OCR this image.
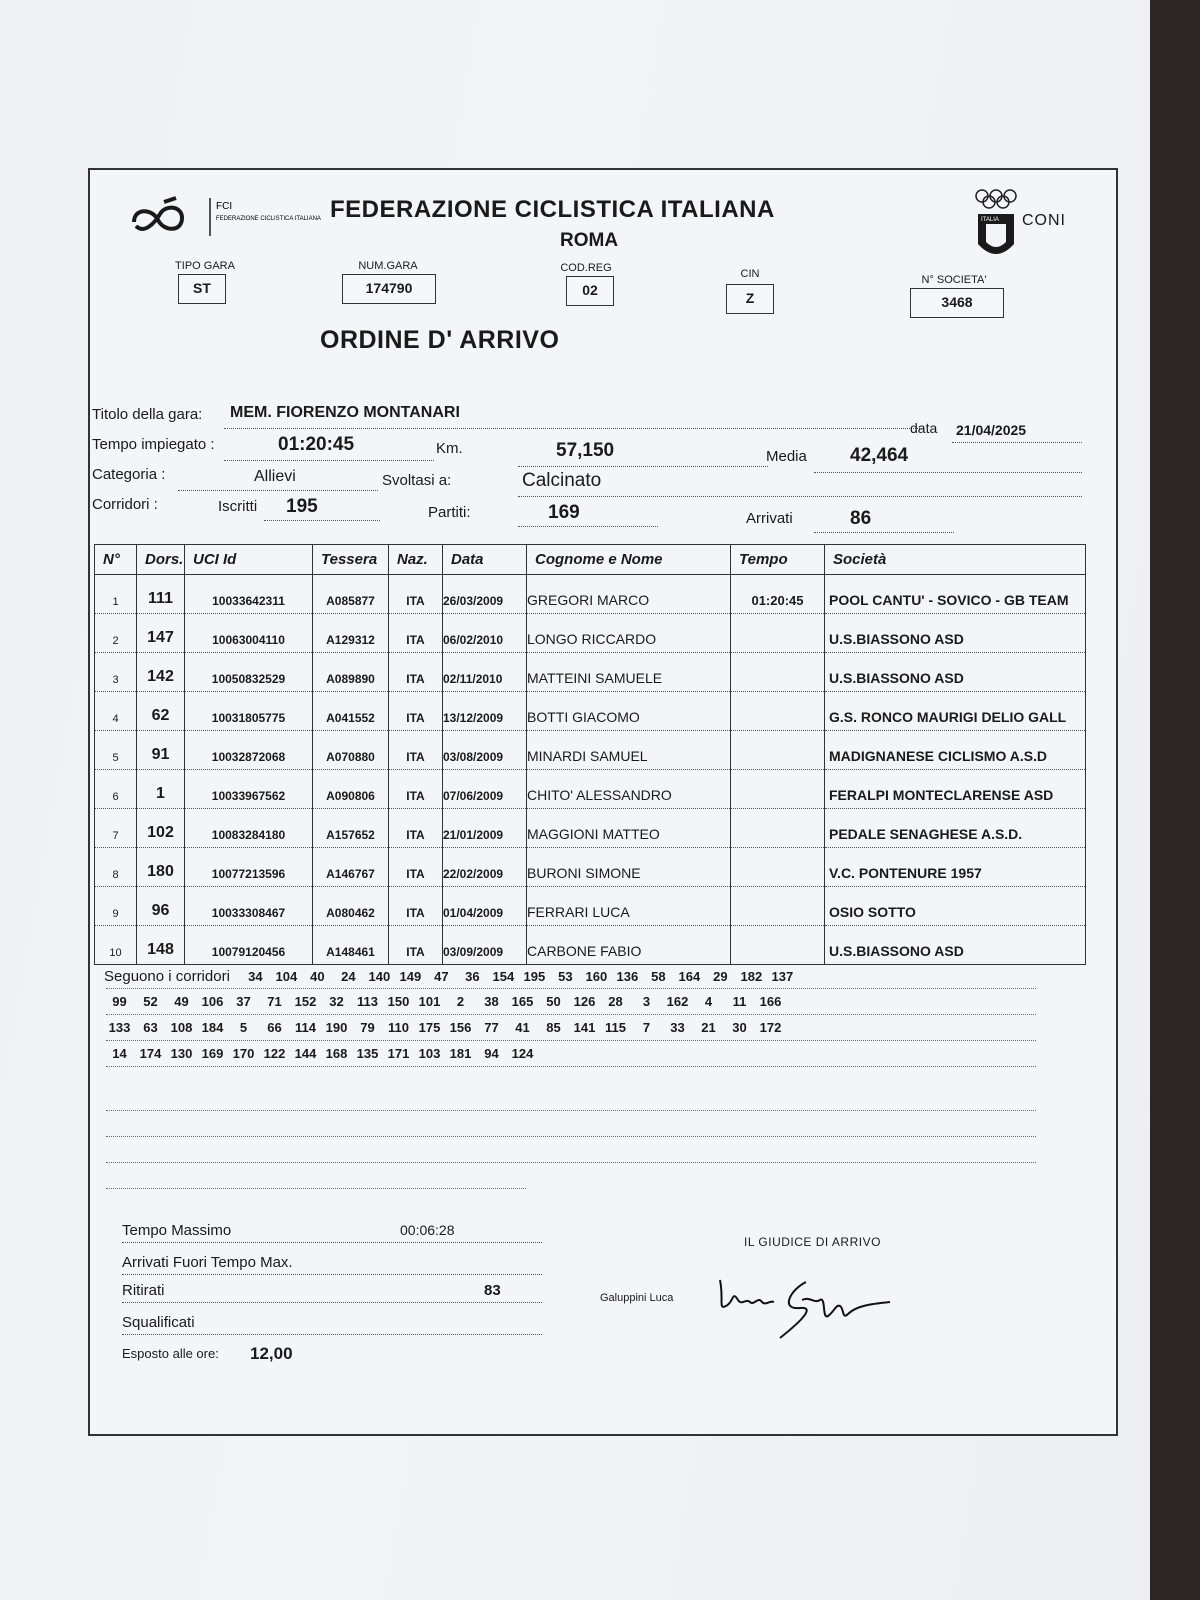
FCI
FEDERAZIONE CICLISTICA ITALIANA FEDERAZIONE CICLISTICA ITALIANA
ROMA
ITALIA CONI
TIPO GARA
ST
NUM.GARA
174790
COD.REG
02
CIN
Z
N° SOCIETA'
3468
ORDINE D' ARRIVO
Titolo della gara: MEM. FIORENZO MONTANARI
data 21/04/2025
Tempo impiegato :	01:20:45	Km.	57,150	Media 42,464
Categoria :	Allievi	Svoltasi a:	Calcinato
Corridori :	Iscritti 195	Partiti:	169	Arrivati	86
N°	Dors.	UCI Id	Tessera	Naz.	Data	Cognome e Nome	Tempo	Società
1	111	10033642311	A085877	ITA	26/03/2009	GREGORI MARCO	01:20:45	POOL CANTU' - SOVICO - GB TEAM
2	147	10063004110	A129312	ITA	06/02/2010	LONGO RICCARDO		U.S.BIASSONO ASD
3	142	10050832529	A089890	ITA	02/11/2010	MATTEINI SAMUELE		U.S.BIASSONO ASD
4	62	10031805775	A041552	ITA	13/12/2009	BOTTI GIACOMO		G.S. RONCO MAURIGI DELIO GALL
5	91	10032872068	A070880	ITA	03/08/2009	MINARDI SAMUEL		MADIGNANESE CICLISMO A.S.D
6	1	10033967562	A090806	ITA	07/06/2009	CHITO' ALESSANDRO		FERALPI MONTECLARENSE ASD
7	102	10083284180	A157652	ITA	21/01/2009	MAGGIONI MATTEO		PEDALE SENAGHESE A.S.D.
8	180	10077213596	A146767	ITA	22/02/2009	BURONI SIMONE		V.C. PONTENURE 1957
9	96	10033308467	A080462	ITA	01/04/2009	FERRARI LUCA		OSIO SOTTO
10	148	10079120456	A148461	ITA	03/09/2009	CARBONE FABIO		U.S.BIASSONO ASD
Seguono i corridori 34 104 40 24 140 149 47 36 154 195 53 160 136 58 164 29 182 137
99 52 49 106 37 71 152 32 113 150 101 2 38 165 50 126 28 3 162 4 11 166
133 63 108 184 5 66 114 190 79 110 175 156 77 41 85 141 115 7 33 21 30 172
14 174 130 169 170 122 144 168 135 171 103 181 94 124
Tempo Massimo	00:06:28
Arrivati Fuori Tempo Max.
Ritirati	83
Squalificati
Esposto alle ore: 12,00
IL GIUDICE DI ARRIVO
Galuppini Luca
